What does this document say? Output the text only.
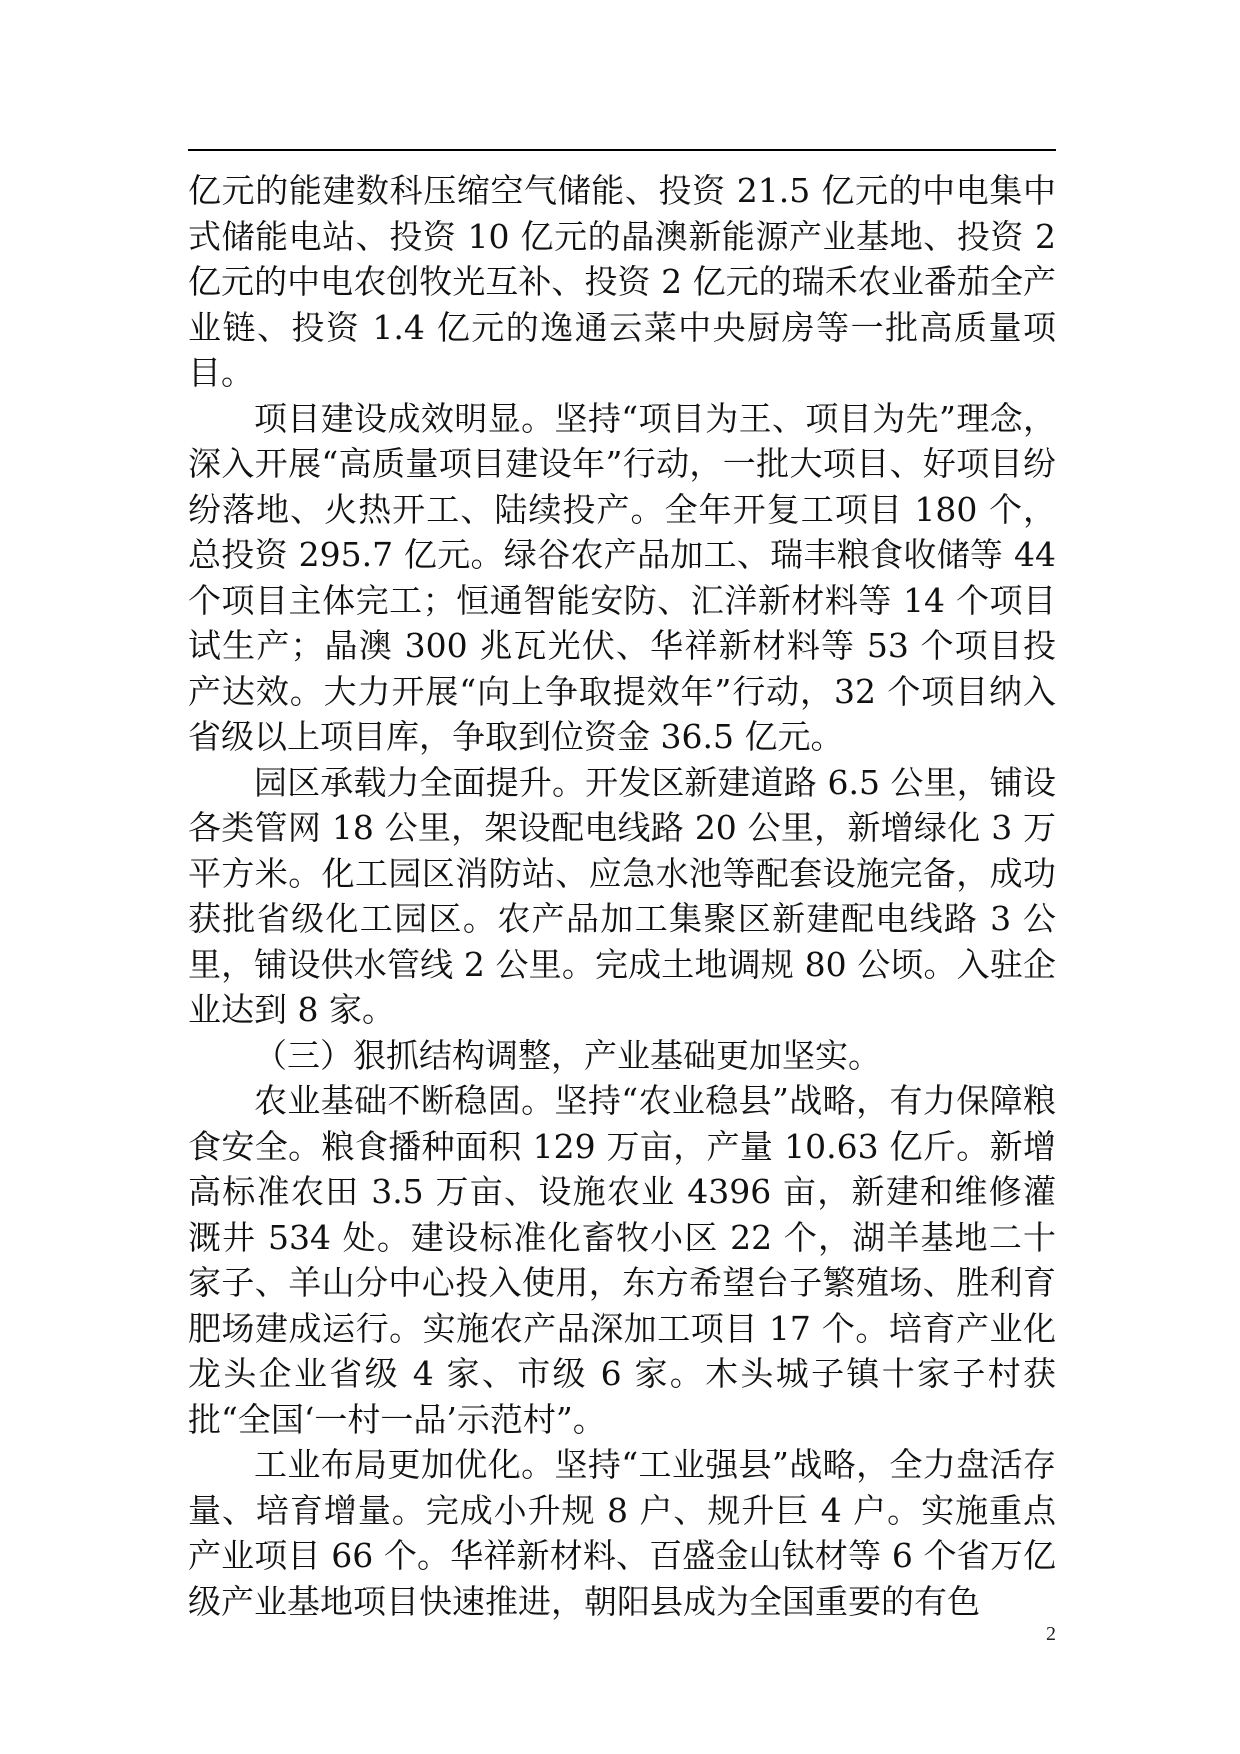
亿元的能建数科压缩空气储能、投资 21.5 亿元的中电集中式储能电站、投资 10 亿元的晶澳新能源产业基地、投资 2 亿元的中电农创牧光互补、投资 2 亿元的瑞禾农业番茄全产业链、投资 1.4 亿元的逸通云菜中央厨房等一批高质量项目。

项目建设成效明显。坚持“项目为王、项目为先”理念，深入开展“高质量项目建设年”行动，一批大项目、好项目纷纷落地、火热开工、陆续投产。全年开复工项目 180 个，总投资 295.7 亿元。绿谷农产品加工、瑞丰粮食收储等 44 个项目主体完工；恒通智能安防、汇洋新材料等 14 个项目试生产；晶澳 300 兆瓦光伏、华祥新材料等 53 个项目投产达效。大力开展“向上争取提效年”行动，32 个项目纳入省级以上项目库，争取到位资金 36.5 亿元。

园区承载力全面提升。开发区新建道路 6.5 公里，铺设各类管网 18 公里，架设配电线路 20 公里，新增绿化 3 万平方米。化工园区消防站、应急水池等配套设施完备，成功获批省级化工园区。农产品加工集聚区新建配电线路 3 公里，铺设供水管线 2 公里。完成土地调规 80 公顷。入驻企业达到 8 家。

（三）狠抓结构调整，产业基础更加坚实。

农业基础不断稳固。坚持“农业稳县”战略，有力保障粮食安全。粮食播种面积 129 万亩，产量 10.63 亿斤。新增高标准农田 3.5 万亩、设施农业 4396 亩，新建和维修灌溉井 534 处。建设标准化畜牧小区 22 个，湖羊基地二十家子、羊山分中心投入使用，东方希望台子繁殖场、胜利育肥场建成运行。实施农产品深加工项目 17 个。培育产业化龙头企业省级 4 家、市级 6 家。木头城子镇十家子村获批“全国‘一村一品’示范村”。

工业布局更加优化。坚持“工业强县”战略，全力盘活存量、培育增量。完成小升规 8 户、规升巨 4 户。实施重点产业项目 66 个。华祥新材料、百盛金山钛材等 6 个省万亿级产业基地项目快速推进，朝阳县成为全国重要的有色

2
